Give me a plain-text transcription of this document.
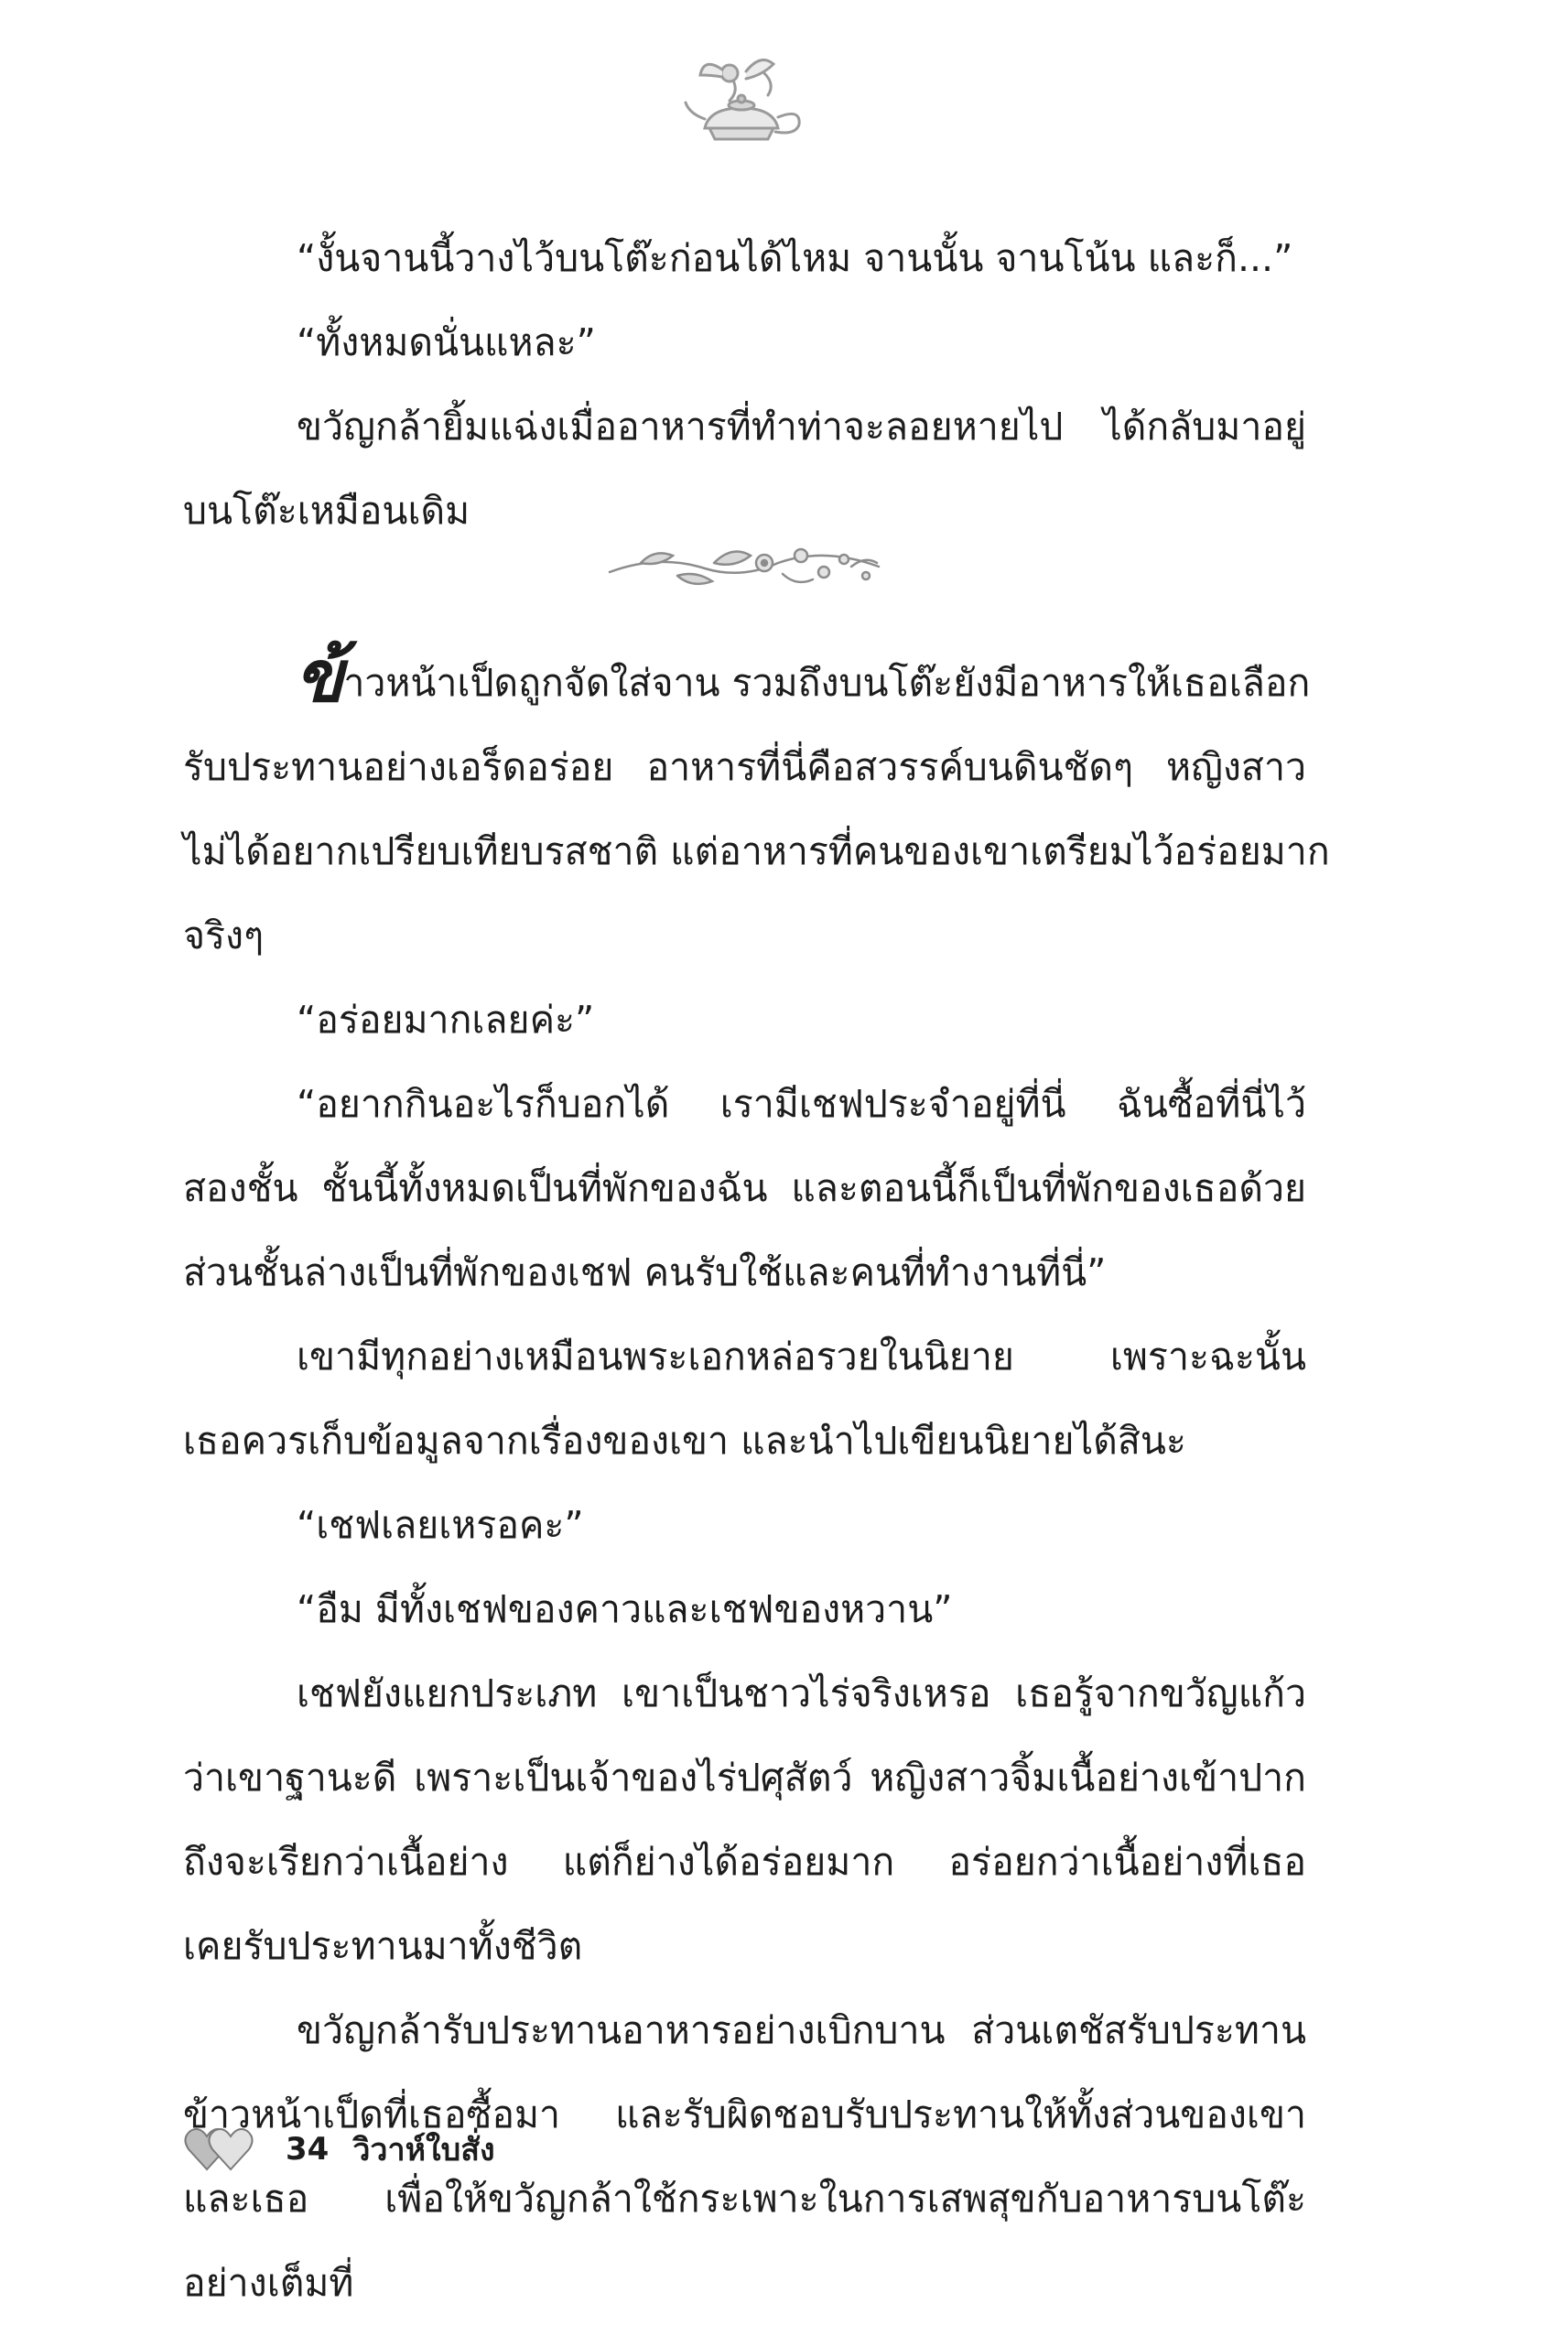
“งั้นจานนี้วางไว้บนโต๊ะก่อนได้ไหม จานนั้น จานโน้น และก็...”
“ทั้งหมดนั่นแหละ”
ขวัญกล้ายิ้มแฉ่งเมื่ออาหารที่ทำท่าจะลอยหายไป ได้กลับมาอยู่
บนโต๊ะเหมือนเดิม
ข้าวหน้าเป็ดถูกจัดใส่จาน รวมถึงบนโต๊ะยังมีอาหารให้เธอเลือก
รับประทานอย่างเอร็ดอร่อย อาหารที่นี่คือสวรรค์บนดินชัดๆ หญิงสาว
ไม่ได้อยากเปรียบเทียบรสชาติ แต่อาหารที่คนของเขาเตรียมไว้อร่อยมาก
จริงๆ
“อร่อยมากเลยค่ะ”
“อยากกินอะไรก็บอกได้ เรามีเชฟประจำอยู่ที่นี่ ฉันซื้อที่นี่ไว้
สองชั้น ชั้นนี้ทั้งหมดเป็นที่พักของฉัน และตอนนี้ก็เป็นที่พักของเธอด้วย
ส่วนชั้นล่างเป็นที่พักของเชฟ คนรับใช้และคนที่ทำงานที่นี่”
เขามีทุกอย่างเหมือนพระเอกหล่อรวยในนิยาย เพราะฉะนั้น
เธอควรเก็บข้อมูลจากเรื่องของเขา และนำไปเขียนนิยายได้สินะ
“เชฟเลยเหรอคะ”
“อืม มีทั้งเชฟของคาวและเชฟของหวาน”
เชฟยังแยกประเภท เขาเป็นชาวไร่จริงเหรอ เธอรู้จากขวัญแก้ว
ว่าเขาฐานะดี เพราะเป็นเจ้าของไร่ปศุสัตว์ หญิงสาวจิ้มเนื้อย่างเข้าปาก
ถึงจะเรียกว่าเนื้อย่าง แต่ก็ย่างได้อร่อยมาก อร่อยกว่าเนื้อย่างที่เธอ
เคยรับประทานมาทั้งชีวิต
ขวัญกล้ารับประทานอาหารอย่างเบิกบาน ส่วนเตชัสรับประทาน
ข้าวหน้าเป็ดที่เธอซื้อมา และรับผิดชอบรับประทานให้ทั้งส่วนของเขา
และเธอ เพื่อให้ขวัญกล้าใช้กระเพาะในการเสพสุขกับอาหารบนโต๊ะ
อย่างเต็มที่
34 วิวาห์ใบสั่ง
